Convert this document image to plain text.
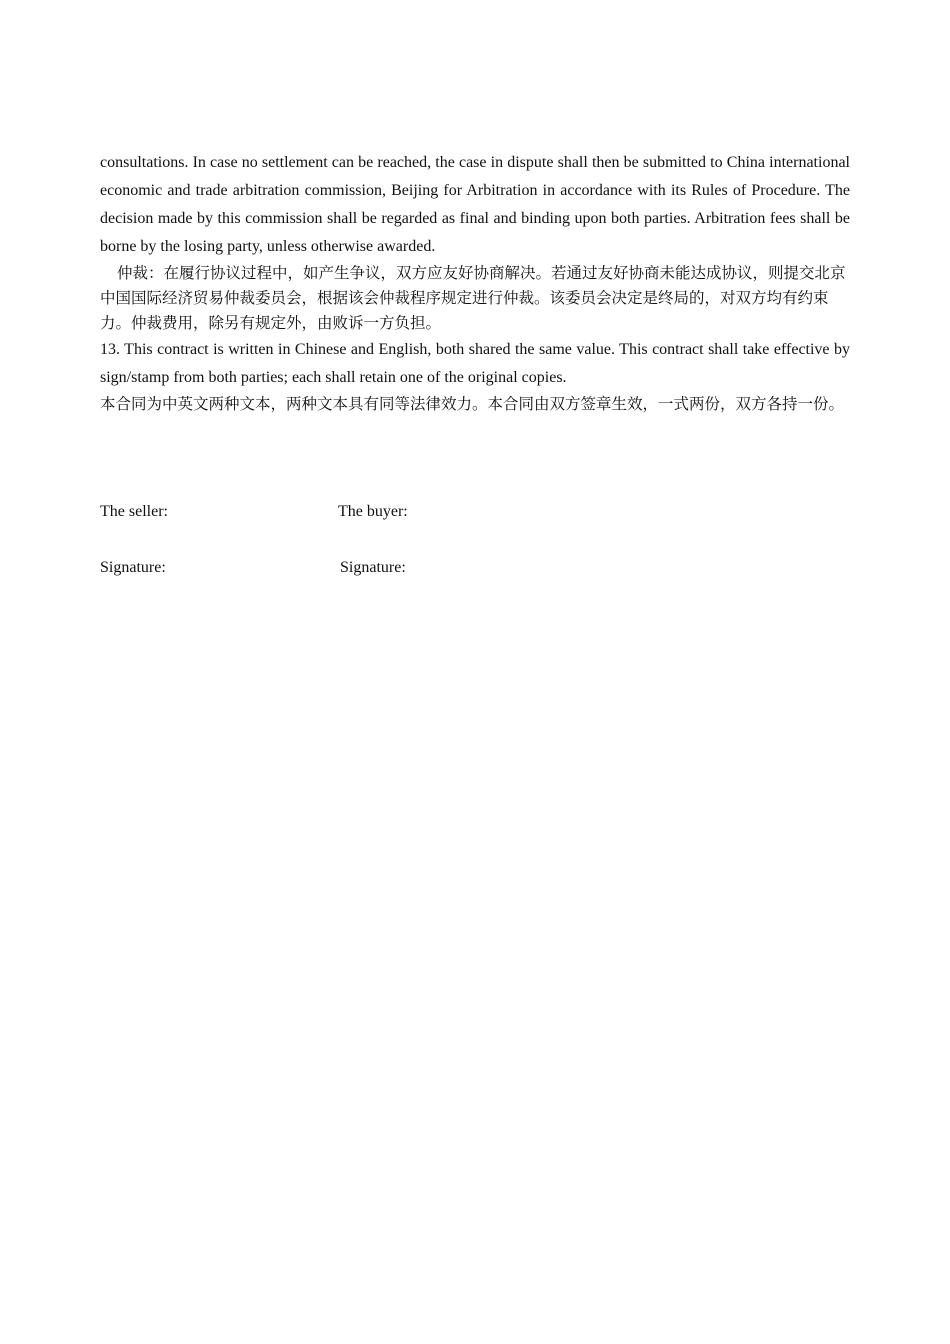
consultations. In case no settlement can be reached, the case in dispute shall then be submitted to China international economic and trade arbitration commission, Beijing for Arbitration in accordance with its Rules of Procedure. The decision made by this commission shall be regarded as final and binding upon both parties. Arbitration fees shall be borne by the losing party, unless otherwise awarded.

仲裁：在履行协议过程中，如产生争议，双方应友好协商解决。若通过友好协商未能达成协议，则提交北京中国国际经济贸易仲裁委员会，根据该会仲裁程序规定进行仲裁。该委员会决定是终局的，对双方均有约束力。仲裁费用，除另有规定外，由败诉一方负担。

13. This contract is written in Chinese and English, both shared the same value. This contract shall take effective by sign/stamp from both parties; each shall retain one of the original copies.

本合同为中英文两种文本，两种文本具有同等法律效力。本合同由双方签章生效，一式两份，双方各持一份。

The seller:	The buyer:
Signature:	Signature:
